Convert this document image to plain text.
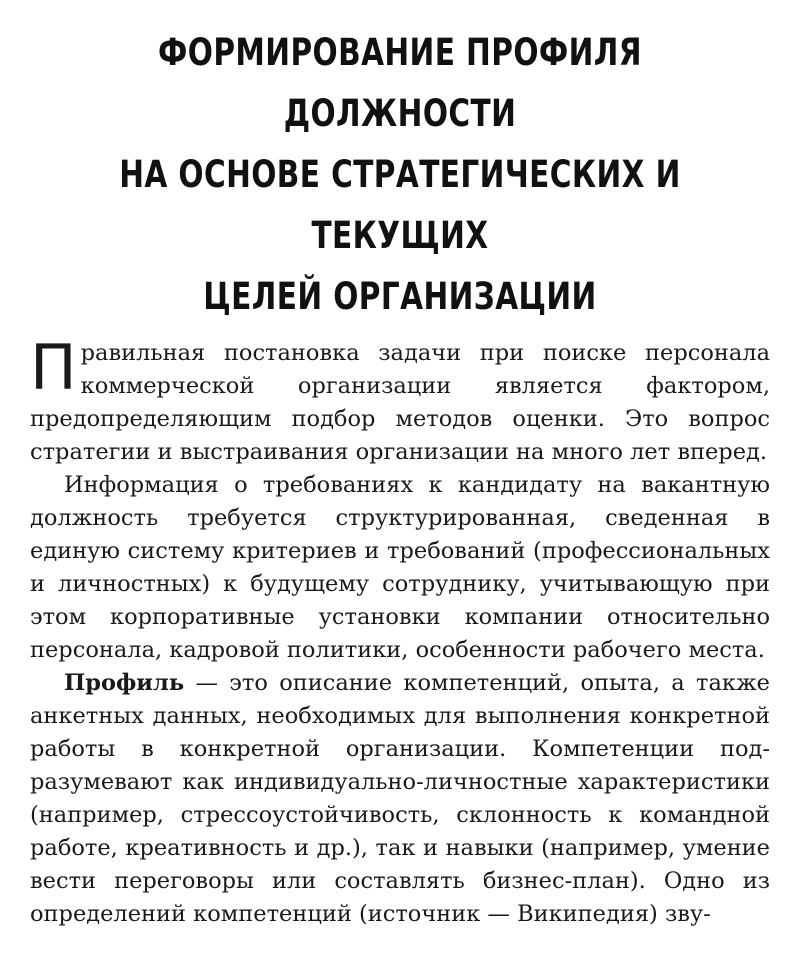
ФОРМИРОВАНИЕ ПРОФИЛЯ ДОЛЖНОСТИ
НА ОСНОВЕ СТРАТЕГИЧЕСКИХ И ТЕКУЩИХ
ЦЕЛЕЙ ОРГАНИЗАЦИИ

Правильная постановка задачи при поиске персонала коммерческой организации является фактором, предопределяющим подбор методов оценки. Это вопрос стратегии и выстраивания организации на много лет вперед.

Информация о требованиях к кандидату на вакантную должность требуется структурированная, сведенная в единую систему критериев и требований (профессиональных и личностных) к будущему сотруднику, учитывающую при этом корпоративные установки компании относительно персонала, кадровой политики, особенности рабочего места.

Профиль — это описание компетенций, опыта, а также анкетных данных, необходимых для выполнения конкретной работы в конкретной организации. Компетенции подразумевают как индивидуально-личностные характеристики (например, стрессоустойчивость, склонность к командной работе, креативность и др.), так и навыки (например, умение вести переговоры или составлять бизнес-план). Одно из определений компетенций (источник — Википедия) зву-
